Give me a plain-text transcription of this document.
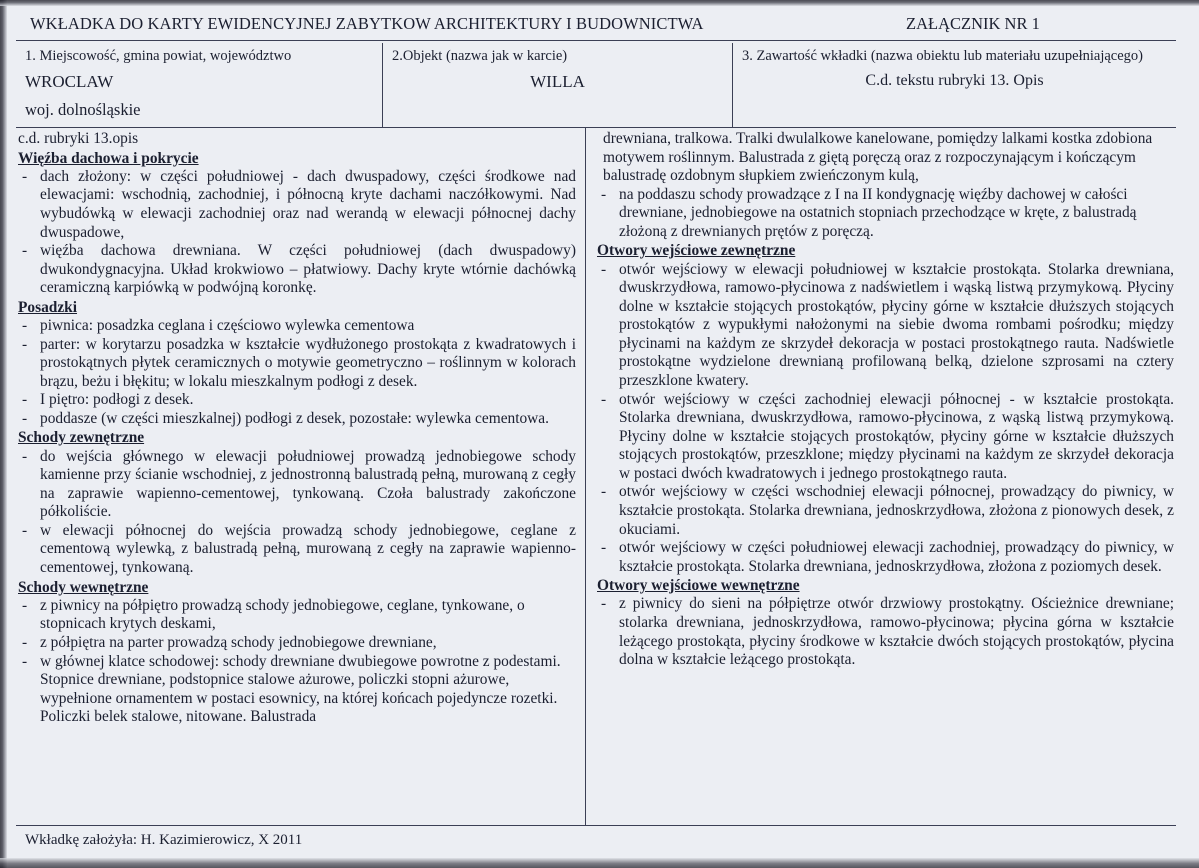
WKŁADKA DO KARTY EWIDENCYJNEJ ZABYTKOW ARCHITEKTURY I BUDOWNICTWA	ZAŁĄCZNIK NR 1
1. Miejscowość, gmina powiat, województwo
WROCLAW
woj. dolnośląskie
2.Objekt (nazwa jak w karcie)
WILLA
3. Zawartość wkładki (nazwa obiektu lub materiału uzupełniającego)
C.d. tekstu rubryki 13. Opis
c.d. rubryki 13.opis
Więźba dachowa i pokrycie
- dach złożony: w części południowej - dach dwuspadowy, części środkowe nad elewacjami: wschodnią, zachodniej, i północną kryte dachami naczółkowymi. Nad wybudówką w elewacji zachodniej oraz nad werandą w elewacji północnej dachy dwuspadowe,
- więźba dachowa drewniana. W części południowej (dach dwuspadowy) dwukondygnacyjna. Układ krokwiowo – płatwiowy. Dachy kryte wtórnie dachówką ceramiczną karpiówką w podwójną koronkę.
Posadzki
- piwnica: posadzka ceglana i częściowo wylewka cementowa
- parter: w korytarzu posadzka w kształcie wydłużonego prostokąta z kwadratowych i prostokątnych płytek ceramicznych o motywie geometryczno – roślinnym w kolorach brązu, beżu i błękitu; w lokalu mieszkalnym podłogi z desek.
- I piętro: podłogi z desek.
- poddasze (w części mieszkalnej) podłogi z desek, pozostałe: wylewka cementowa.
Schody zewnętrzne
- do wejścia głównego w elewacji południowej prowadzą jednobiegowe schody kamienne przy ścianie wschodniej, z jednostronną balustradą pełną, murowaną z cegły na zaprawie wapienno-cementowej, tynkowaną. Czoła balustrady zakończone półkoliście.
- w elewacji północnej do wejścia prowadzą schody jednobiegowe, ceglane z cementową wylewką, z balustradą pełną, murowaną z cegły na zaprawie wapienno-cementowej, tynkowaną.
Schody wewnętrzne
- z piwnicy na półpiętro prowadzą schody jednobiegowe, ceglane, tynkowane, o stopnicach krytych deskami,
- z półpiętra na parter prowadzą schody jednobiegowe drewniane,
- w głównej klatce schodowej: schody drewniane dwubiegowe powrotne z podestami. Stopnice drewniane, podstopnice stalowe ażurowe, policzki stopni ażurowe, wypełnione ornamentem w postaci esownicy, na której końcach pojedyncze rozetki. Policzki belek stalowe, nitowane. Balustrada
drewniana, tralkowa. Tralki dwulalkowe kanelowane, pomiędzy lalkami kostka zdobiona motywem roślinnym. Balustrada z giętą poręczą oraz z rozpoczynającym i kończącym balustradę ozdobnym słupkiem zwieńczonym kulą,
- na poddaszu schody prowadzące z I na II kondygnację więźby dachowej w całości drewniane, jednobiegowe na ostatnich stopniach przechodzące w kręte, z balustradą złożoną z drewnianych prętów z poręczą.
Otwory wejściowe zewnętrzne
- otwór wejściowy w elewacji południowej w kształcie prostokąta. Stolarka drewniana, dwuskrzydłowa, ramowo-płycinowa z nadświetlem i wąską listwą przymykową. Płyciny dolne w kształcie stojących prostokątów, płyciny górne w kształcie dłuższych stojących prostokątów z wypukłymi nałożonymi na siebie dwoma rombami pośrodku; między płycinami na każdym ze skrzydeł dekoracja w postaci prostokątnego rauta. Nadświetle prostokątne wydzielone drewnianą profilowaną belką, dzielone szprosami na cztery przeszklone kwatery.
- otwór wejściowy w części zachodniej elewacji północnej - w kształcie prostokąta. Stolarka drewniana, dwuskrzydłowa, ramowo-płycinowa, z wąską listwą przymykową. Płyciny dolne w kształcie stojących prostokątów, płyciny górne w kształcie dłuższych stojących prostokątów, przeszklone; między płycinami na każdym ze skrzydeł dekoracja w postaci dwóch kwadratowych i jednego prostokątnego rauta.
- otwór wejściowy w części wschodniej elewacji północnej, prowadzący do piwnicy, w kształcie prostokąta. Stolarka drewniana, jednoskrzydłowa, złożona z pionowych desek, z okuciami.
- otwór wejściowy w części południowej elewacji zachodniej, prowadzący do piwnicy, w kształcie prostokąta. Stolarka drewniana, jednoskrzydłowa, złożona z poziomych desek.
Otwory wejściowe wewnętrzne
- z piwnicy do sieni na półpiętrze otwór drzwiowy prostokątny. Ościeżnice drewniane; stolarka drewniana, jednoskrzydłowa, ramowo-płycinowa; płycina górna w kształcie leżącego prostokąta, płyciny środkowe w kształcie dwóch stojących prostokątów, płycina dolna w kształcie leżącego prostokąta.
Wkładkę założyła: H. Kazimierowicz, X 2011
